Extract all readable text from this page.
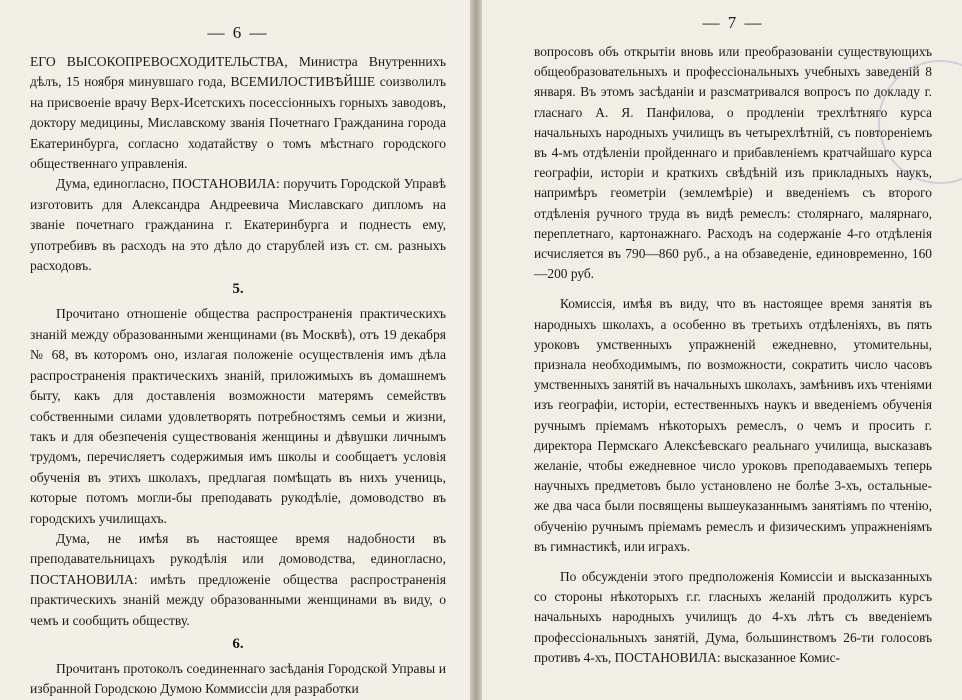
— 6 —

ЕГО ВЫСОКОПРЕВОСХОДИТЕЛЬСТВА, Министра Внутреннихъ дѣлъ, 15 ноября минувшаго года, ВСЕМИЛОСТИВѢЙШЕ соизволилъ на присвоеніе врачу Верх-Исетскихъ посессіонныхъ горныхъ заводовъ, доктору медицины, Миславскому званія Почетнаго Гражданина города Екатеринбурга, согласно ходатайству о томъ мѣстнаго городского общественнаго управленія.

Дума, единогласно, ПОСТАНОВИЛА: поручить Городской Управѣ изготовить для Александра Андреевича Миславскаго дипломъ на званіе почетнаго гражданина г. Екатеринбурга и поднесть ему, употребивъ въ расходъ на это дѣло до старублей изъ ст. см. разныхъ расходовъ.

5.

Прочитано отношеніе общества распространенія практическихъ знаній между образованными женщинами (въ Москвѣ), отъ 19 декабря № 68, въ которомъ оно, излагая положеніе осуществленія имъ дѣла распространенія практическихъ знаній, приложимыхъ въ домашнемъ быту, какъ для доставленія возможности матерямъ семействъ собственными силами удовлетворять потребностямъ семьи и жизни, такъ и для обезпеченія существованія женщины и дѣвушки личнымъ трудомъ, перечисляетъ содержимыя имъ школы и сообщаетъ условія обученія въ этихъ школахъ, предлагая помѣщать въ нихъ учениць, которые потомъ могли-бы преподавать рукодѣліе, домоводство въ городскихъ училищахъ.

Дума, не имѣя въ настоящее время надобности въ преподавательницахъ рукодѣлія или домоводства, единогласно, ПОСТАНОВИЛА: имѣть предложеніе общества распространенія практическихъ знаній между образованными женщинами въ виду, о чемъ и сообщить обществу.

6.

Прочитанъ протоколъ соединеннаго засѣданія Городской Управы и избранной Городскою Думою Коммиссіи для разработки

— 7 —

вопросовъ объ открытіи вновь или преобразованіи существующихъ общеобразовательныхъ и профессіональныхъ учебныхъ заведеній 8 января. Въ этомъ засѣданіи и разсматривался вопросъ по докладу г. гласнаго А. Я. Панфилова, о продленіи трехлѣтняго курса начальныхъ народныхъ училищъ въ четырехлѣтній, съ повтореніемъ въ 4-мъ отдѣленіи пройденнаго и прибавленіемъ кратчайшаго курса географіи, исторіи и краткихъ свѣдѣній изъ прикладныхъ наукъ, напримѣръ геометріи (землемѣріе) и введеніемъ съ второго отдѣленія ручного труда въ видѣ ремеслъ: столярнаго, малярнаго, переплетнаго, картонажнаго. Расходъ на содержаніе 4-го отдѣленія исчисляется въ 790—860 руб., а на обзаведеніе, единовременно, 160—200 руб.

Комиссія, имѣя въ виду, что въ настоящее время занятія въ народныхъ школахъ, а особенно въ третьихъ отдѣленіяхъ, въ пять уроковъ умственныхъ упражненій ежедневно, утомительны, признала необходимымъ, по возможности, сократить число часовъ умственныхъ занятій въ начальныхъ школахъ, замѣнивъ ихъ чтеніями изъ географіи, исторіи, естественныхъ наукъ и введеніемъ обученія ручнымъ пріемамъ нѣкоторыхъ ремеслъ, о чемъ и просить г. директора Пермскаго Алексѣевскаго реальнаго училища, высказавъ желаніе, чтобы ежедневное число уроковъ преподаваемыхъ теперь научныхъ предметовъ было установлено не болѣе 3-хъ, остальные-же два часа были посвящены вышеуказаннымъ занятіямъ по чтенію, обученію ручнымъ пріемамъ ремеслъ и физическимъ упражненіямъ въ гимнастикѣ, или играхъ.

По обсужденіи этого предположенія Комиссіи и высказанныхъ со стороны нѣкоторыхъ г.г. гласныхъ желаній продолжить курсъ начальныхъ народныхъ училищъ до 4-хъ лѣтъ съ введеніемъ профессіональныхъ занятій, Дума, большинствомъ 26-ти голосовъ противъ 4-хъ, ПОСТАНОВИЛА: высказанное Комис-
